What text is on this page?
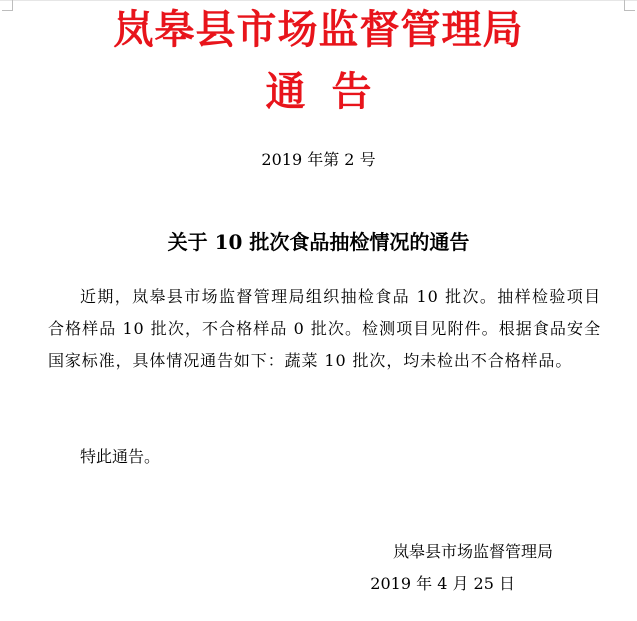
岚皋县市场监督管理局
通告
2019 年第 2 号
关于 10 批次食品抽检情况的通告

近期，岚皋县市场监督管理局组织抽检食品 10 批次。抽样检验项目合格样品 10 批次，不合格样品 0 批次。检测项目见附件。根据食品安全国家标准，具体情况通告如下：蔬菜 10 批次，均未检出不合格样品。

特此通告。

岚皋县市场监督管理局
2019 年 4 月 25 日
